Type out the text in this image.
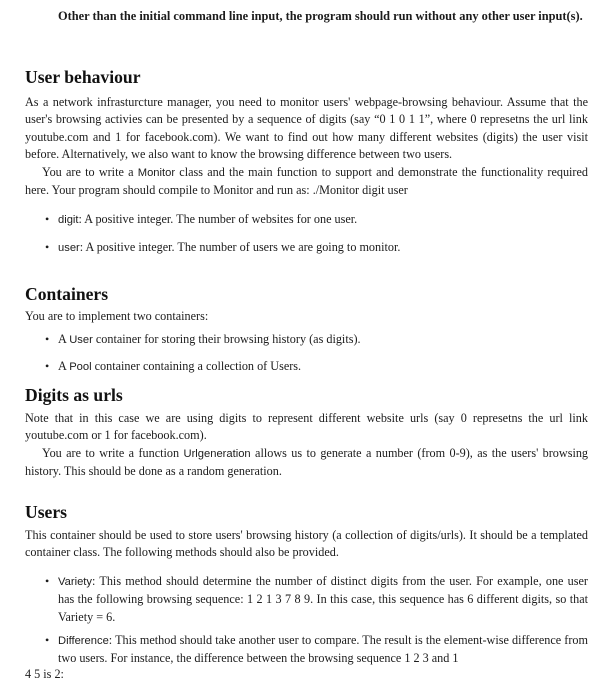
Other than the initial command line input, the program should run without any other user input(s).
User behaviour

As a network infrasturcture manager, you need to monitor users' webpage-browsing behaviour. Assume that the user's browsing activies can be presented by a sequence of digits (say “0 1 0 1 1”, where 0 represetns the url link youtube.com and 1 for facebook.com). We want to find out how many different websites (digits) the user visit before. Alternatively, we also want to know the browsing difference between two users.

You are to write a Monitor class and the main function to support and demonstrate the functionality required here. Your program should compile to Monitor and run as: ./Monitor digit user

• digit: A positive integer. The number of websites for one user.
• user: A positive integer. The number of users we are going to monitor.
Containers

You are to implement two containers:

• A User container for storing their browsing history (as digits).
• A Pool container containing a collection of Users.
Digits as urls

Note that in this case we are using digits to represent different website urls (say 0 represetns the url link youtube.com or 1 for facebook.com).

You are to write a function Urlgeneration allows us to generate a number (from 0-9), as the users' browsing history. This should be done as a random generation.

Users

This container should be used to store users' browsing history (a collection of digits/urls). It should be a templated container class. The following methods should also be provided.

• Variety: This method should determine the number of distinct digits from the user. For example, one user has the following browsing sequence: 1 2 1 3 7 8 9. In this case, this sequence has 6 different digits, so that Variety = 6.
• Difference: This method should take another user to compare. The result is the element-wise difference from two users. For instance, the difference between the browsing sequence 1 2 3 and 1

4 5 is 2:
